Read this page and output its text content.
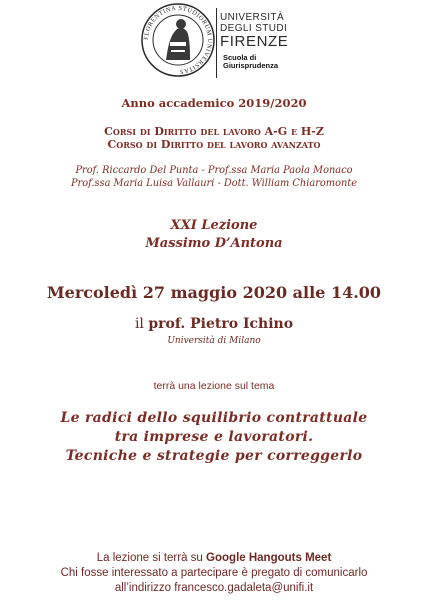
FLORENTINA STUDIORUM UNIVERSITAS
UNIVERSITÀ
DEGLI STUDI
FIRENZE
Scuola di
Giurisprudenza
Anno accademico 2019/2020
Corsi di Diritto del lavoro A-G e H-Z
Corso di Diritto del lavoro avanzato
Prof. Riccardo Del Punta - Prof.ssa Maria Paola Monaco
Prof.ssa Maria Luisa Vallauri - Dott. William Chiaromonte
XXI Lezione
Massimo D’Antona
Mercoledì 27 maggio 2020 alle 14.00
il prof. Pietro Ichino
Università di Milano
terrà una lezione sul tema
Le radici dello squilibrio contrattuale
tra imprese e lavoratori.
Tecniche e strategie per correggerlo
La lezione si terrà su Google Hangouts Meet
Chi fosse interessato a partecipare è pregato di comunicarlo
all’indirizzo francesco.gadaleta@unifi.it
